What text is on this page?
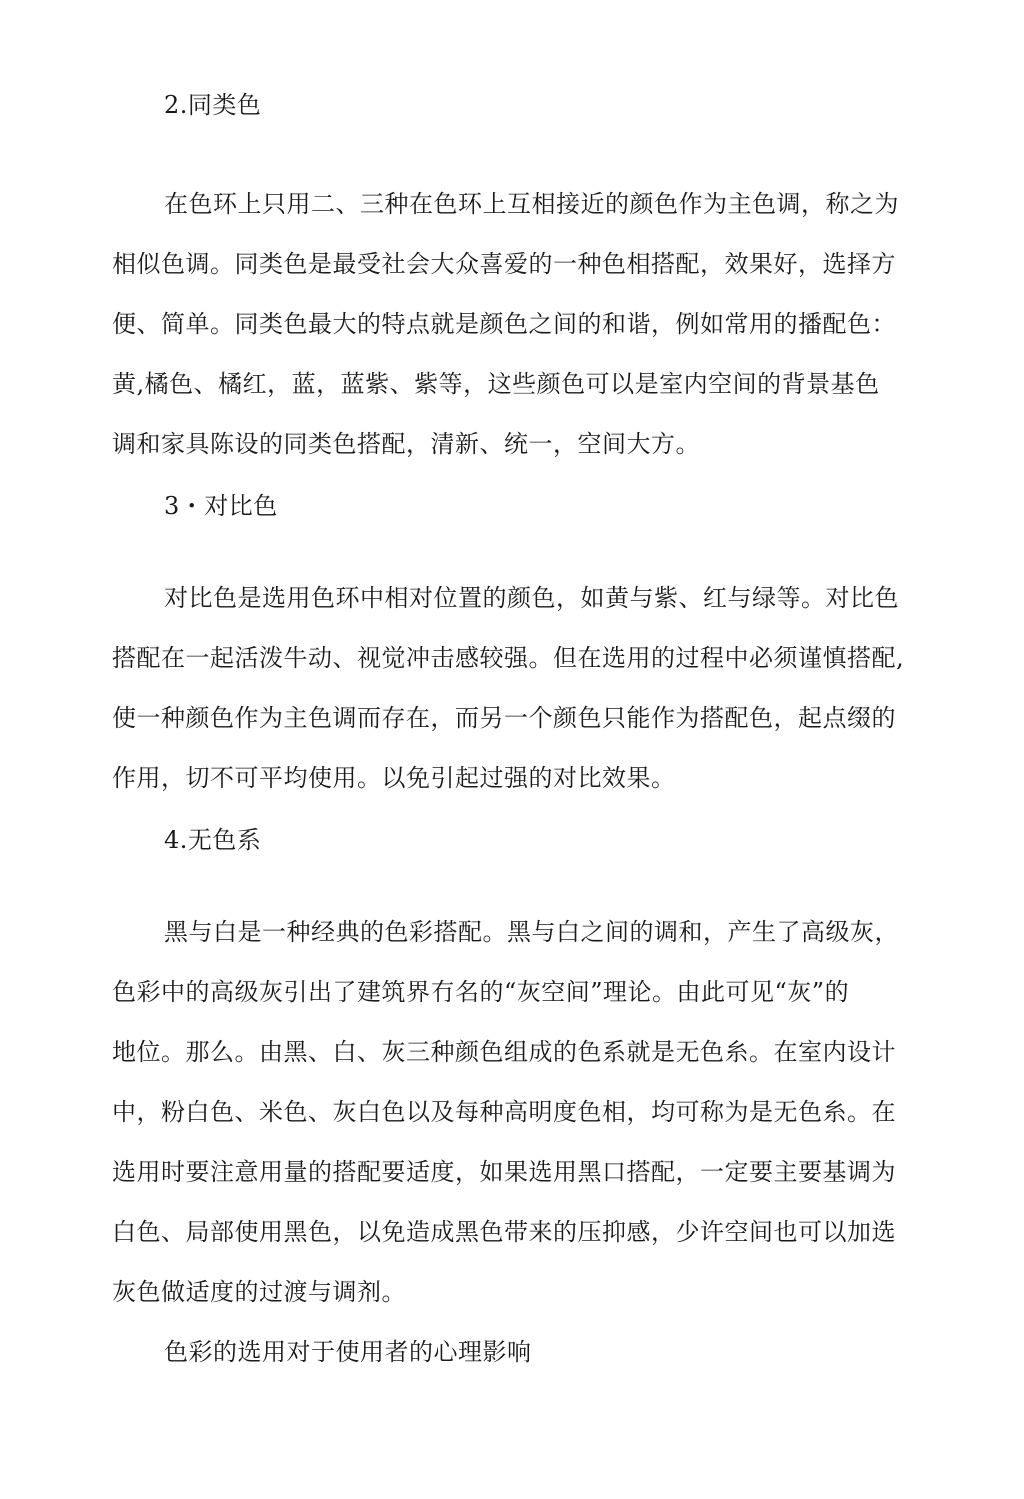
2.同类色
在色环上只用二、三种在色环上互相接近的颜色作为主色调，称之为
相似色调。同类色是最受社会大众喜爱的一种色相搭配，效果好，选择方
便、简单。同类色最大的特点就是颜色之间的和谐，例如常用的播配色：
黄,橘色、橘红，蓝，蓝紫、紫等，这些颜色可以是室内空间的背景基色
调和家具陈设的同类色搭配，清新、统一，空间大方。
3・对比色
对比色是选用色环中相对位置的颜色，如黄与紫、红与绿等。对比色
搭配在一起活泼牛动、视觉冲击感较强。但在选用的过程中必须谨慎搭配,
使一种颜色作为主色调而存在，而另一个颜色只能作为搭配色，起点缀的
作用，切不可平均使用。以免引起过强的对比效果。
4.无色系
黑与白是一种经典的色彩搭配。黑与白之间的调和，产生了高级灰，
色彩中的高级灰引出了建筑界冇名的“灰空间”理论。由此可见“灰”的
地位。那么。由黑、白、灰三种颜色组成的色系就是无色糸。在室内设计
中，粉白色、米色、灰白色以及每种高明度色相，均可称为是无色糸。在
选用时要注意用量的搭配要适度，如果选用黑口搭配，一定要主要基调为
白色、局部使用黑色，以免造成黑色带来的压抑感，少许空间也可以加选
灰色做适度的过渡与调剂。
色彩的选用对于使用者的心理影响
